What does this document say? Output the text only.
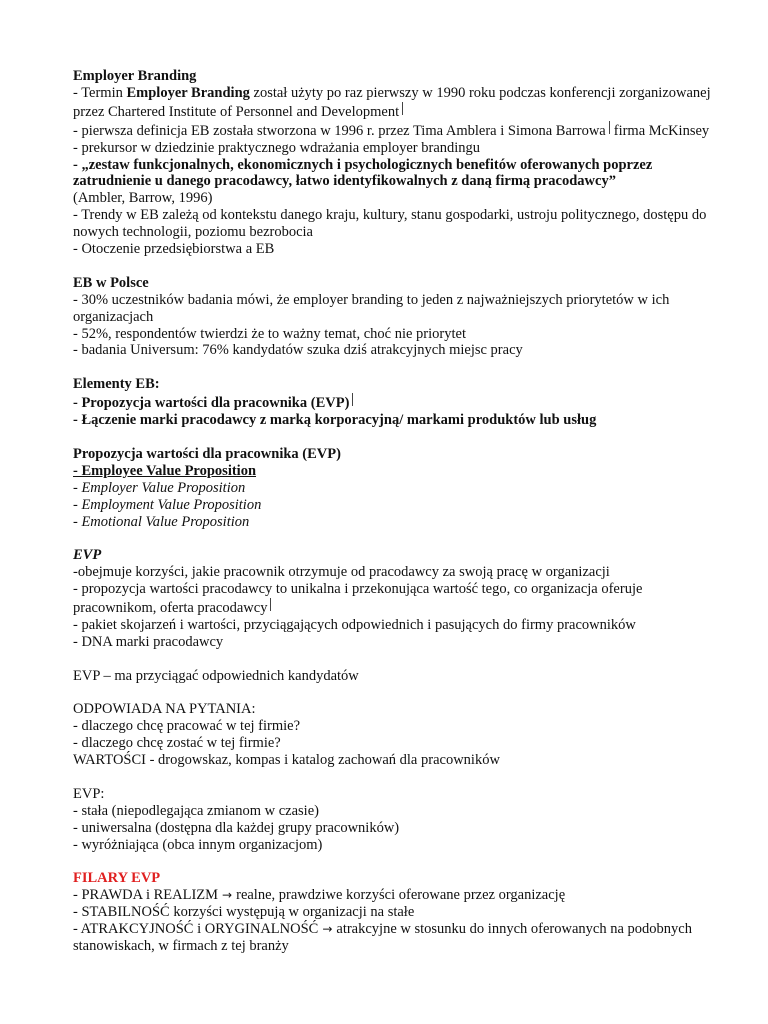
Employer Branding
- Termin Employer Branding został użyty po raz pierwszy w 1990 roku podczas konferencji zorganizowanej przez Chartered Institute of Personnel and Development
- pierwsza definicja EB została stworzona w 1996 r. przez Tima Amblera i Simona Barrowa firma McKinsey - prekursor w dziedzinie praktycznego wdrażania employer brandingu
- „zestaw funkcjonalnych, ekonomicznych i psychologicznych benefitów oferowanych poprzez zatrudnienie u danego pracodawcy, łatwo identyfikowalnych z daną firmą pracodawcy”
(Ambler, Barrow, 1996)
- Trendy w EB zależą od kontekstu danego kraju, kultury, stanu gospodarki, ustroju politycznego, dostępu do nowych technologii, poziomu bezrobocia
- Otoczenie przedsiębiorstwa a EB
EB w Polsce
- 30% uczestników badania mówi, że employer branding to jeden z najważniejszych priorytetów w ich organizacjach
- 52%, respondentów twierdzi że to ważny temat, choć nie priorytet
- badania Universum: 76% kandydatów szuka dziś atrakcyjnych miejsc pracy
Elementy EB:
- Propozycja wartości dla pracownika (EVP)
- Łączenie marki pracodawcy z marką korporacyjną/ markami produktów lub usług
Propozycja wartości dla pracownika (EVP)
- Employee Value Proposition
- Employer Value Proposition
- Employment Value Proposition
- Emotional Value Proposition
EVP
-obejmuje korzyści, jakie pracownik otrzymuje od pracodawcy za swoją pracę w organizacji
- propozycja wartości pracodawcy to unikalna i przekonująca wartość tego, co organizacja oferuje pracownikom, oferta pracodawcy
- pakiet skojarzeń i wartości, przyciągających odpowiednich i pasujących do firmy pracowników
- DNA marki pracodawcy
EVP – ma przyciągać odpowiednich kandydatów
ODPOWIADA NA PYTANIA:
- dlaczego chcę pracować w tej firmie?
- dlaczego chcę zostać w tej firmie?
WARTOŚCI - drogowskaz, kompas i katalog zachowań dla pracowników
EVP:
- stała (niepodlegająca zmianom w czasie)
- uniwersalna (dostępna dla każdej grupy pracowników)
- wyróżniająca (obca innym organizacjom)
FILARY EVP
- PRAWDA i REALIZM → realne, prawdziwe korzyści oferowane przez organizację
- STABILNOŚĆ korzyści występują w organizacji na stałe
- ATRAKCYJNOŚĆ i ORYGINALNOŚĆ → atrakcyjne w stosunku do innych oferowanych na podobnych stanowiskach, w firmach z tej branży
